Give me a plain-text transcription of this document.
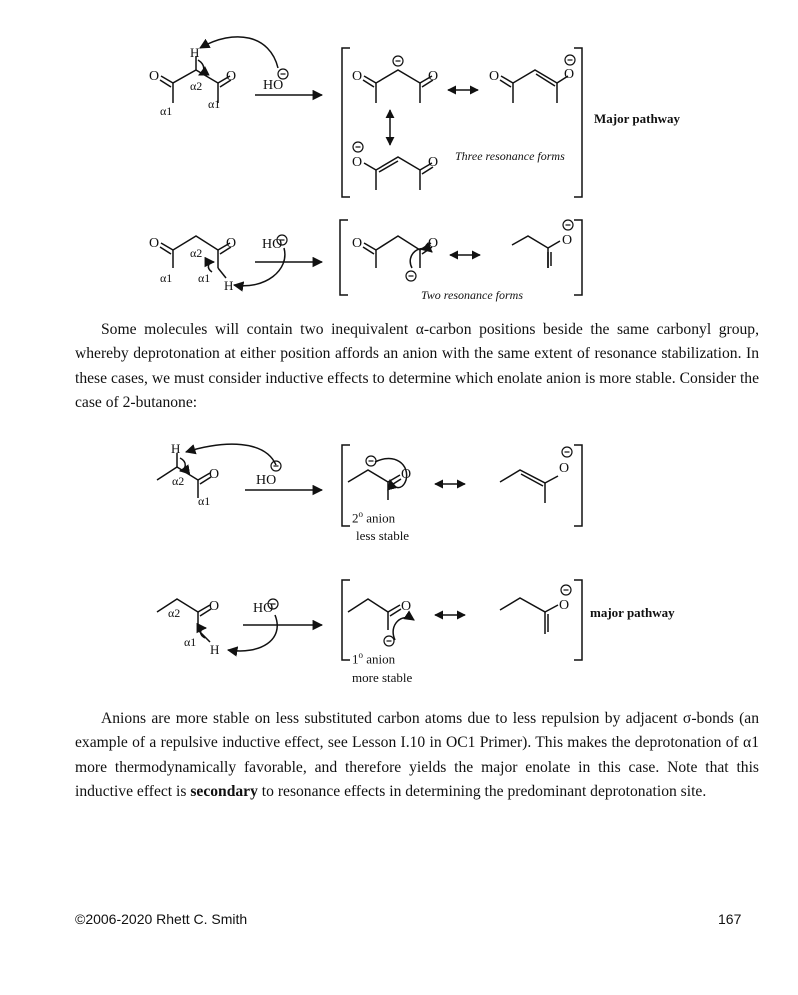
O	O
H
α2
α1	α1
HO
O	O	O	O
O	O Three resonance forms
Major pathway
O	O
α2
α1 α1 H
HO	O	O	O
Two resonance forms

Some molecules will contain two inequivalent α-carbon positions beside the same carbonyl group, whereby deprotonation at either position affords an anion with the same extent of resonance stabilization. In these cases, we must consider inductive effects to determine which enolate anion is more stable. Consider the case of 2-butanone:

H
α2
α1
O	HO	O	O
2$^o$ anion
less stable
α2
α1 H
O HO	O	O major pathway
1$^o$ anion
more stable

Anions are more stable on less substituted carbon atoms due to less repulsion by adjacent σ-bonds (an example of a repulsive inductive effect, see Lesson I.10 in OC1 Primer). This makes the deprotonation of α1 more thermodynamically favorable, and therefore yields the major enolate in this case. Note that this inductive effect is secondary to resonance effects in determining the predominant deprotonation site.

©2006-2020 Rhett C. Smith	167
